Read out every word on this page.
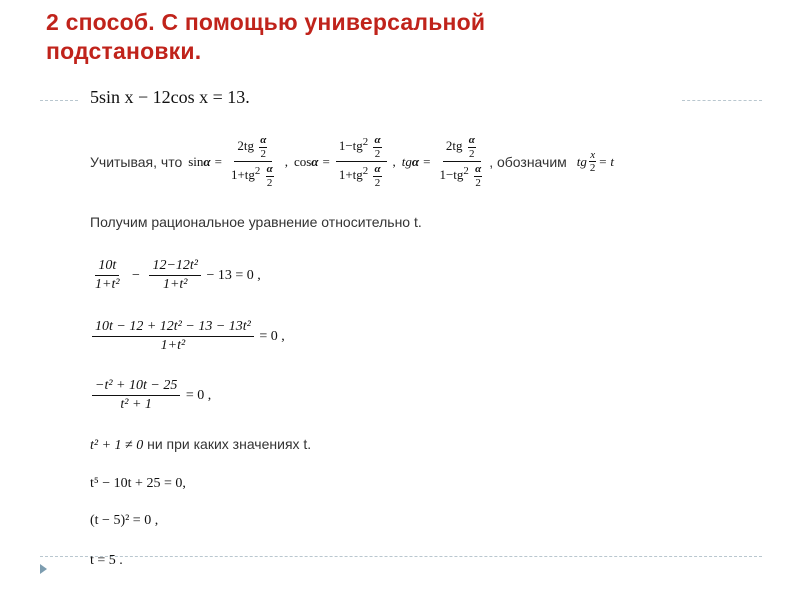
2 способ. С помощью универсальной
подстановки.
5sin x − 12cos x = 13.
Учитывая, что $\sin \alpha = \frac{2tg \frac{\alpha}{2}}{1+tg^2 \frac{\alpha}{2}}$ , $\cos \alpha = \frac{1-tg^2 \frac{\alpha}{2}}{1+tg^2 \frac{\alpha}{2}}$ , tg $\alpha = \frac{2tg \frac{\alpha}{2}}{1-tg^2 \frac{\alpha}{2}}$ , обозначим tg $\frac{x}{2} = t$
Получим рациональное уравнение относительно t.
$\frac{10t}{\text{1+t²}} - \frac{\text{12−12t²}}{\text{1+t²}} - 13 = 0$ ,
$\frac{\text{10t − 12 + 12t² − 13 − 13t²}}{\text{1+t²}} = 0$ ,
$\frac{\text{−t² + 10t − 25}}{\text{t² + 1}} = 0$ ,
t² + 1 ≠ 0 ни при каких значениях t.
t⁵ − 10t + 25 = 0,
(t − 5)² = 0 ,
t = 5 .
